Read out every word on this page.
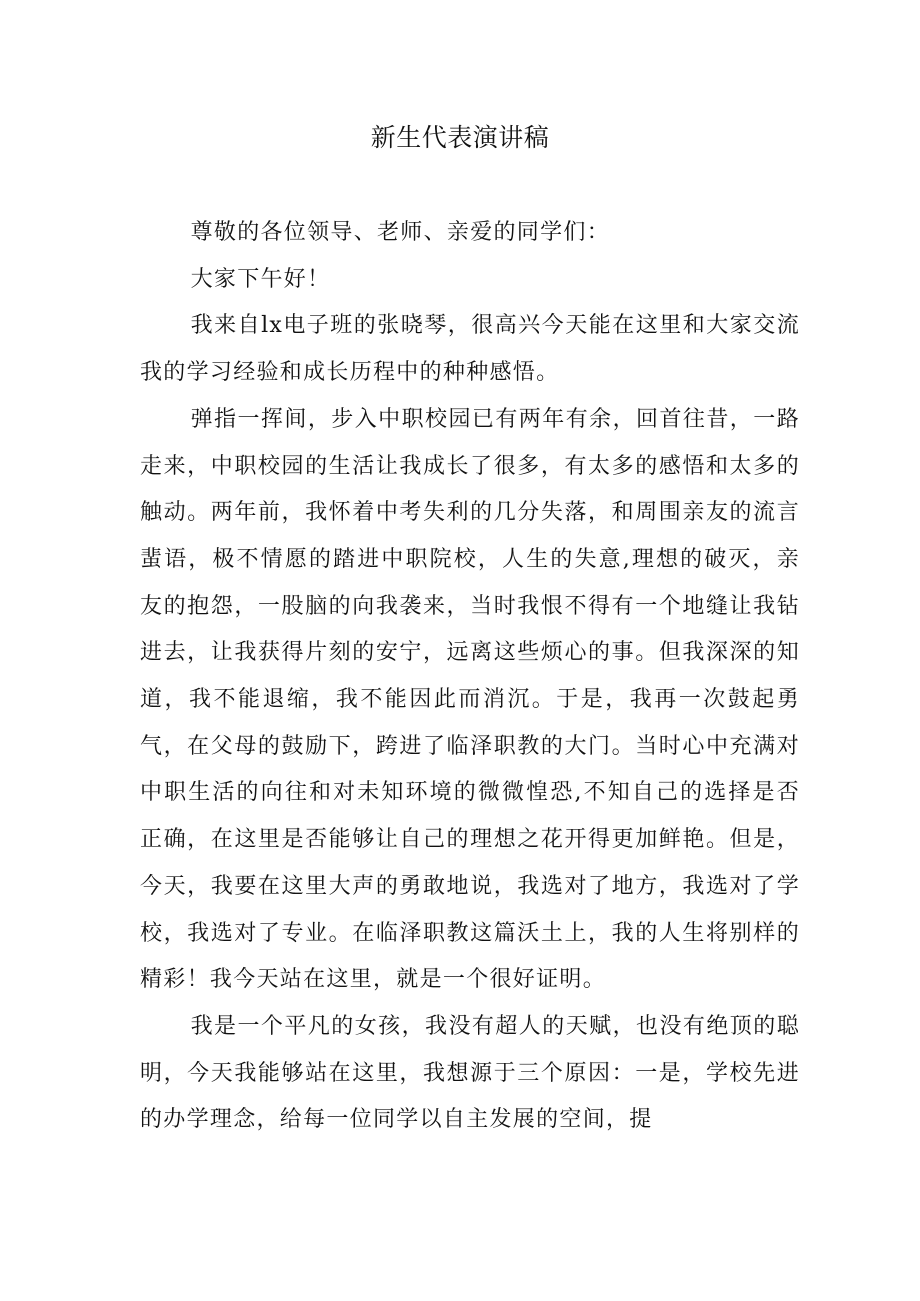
新生代表演讲稿

尊敬的各位领导、老师、亲爱的同学们：

大家下午好！

我来自lx电子班的张晓琴，很高兴今天能在这里和大家交流我的学习经验和成长历程中的种种感悟。

弹指一挥间，步入中职校园已有两年有余，回首往昔，一路走来，中职校园的生活让我成长了很多，有太多的感悟和太多的触动。两年前，我怀着中考失利的几分失落，和周围亲友的流言蜚语，极不情愿的踏进中职院校，人生的失意,理想的破灭，亲友的抱怨，一股脑的向我袭来，当时我恨不得有一个地缝让我钻进去，让我获得片刻的安宁，远离这些烦心的事。但我深深的知道，我不能退缩，我不能因此而消沉。于是，我再一次鼓起勇气，在父母的鼓励下，跨进了临泽职教的大门。当时心中充满对中职生活的向往和对未知环境的微微惶恐,不知自己的选择是否正确，在这里是否能够让自己的理想之花开得更加鲜艳。但是，今天，我要在这里大声的勇敢地说，我选对了地方，我选对了学校，我选对了专业。在临泽职教这篇沃土上，我的人生将别样的精彩！我今天站在这里，就是一个很好证明。

我是一个平凡的女孩，我没有超人的天赋，也没有绝顶的聪明，今天我能够站在这里，我想源于三个原因：一是，学校先进的办学理念，给每一位同学以自主发展的空间，提
